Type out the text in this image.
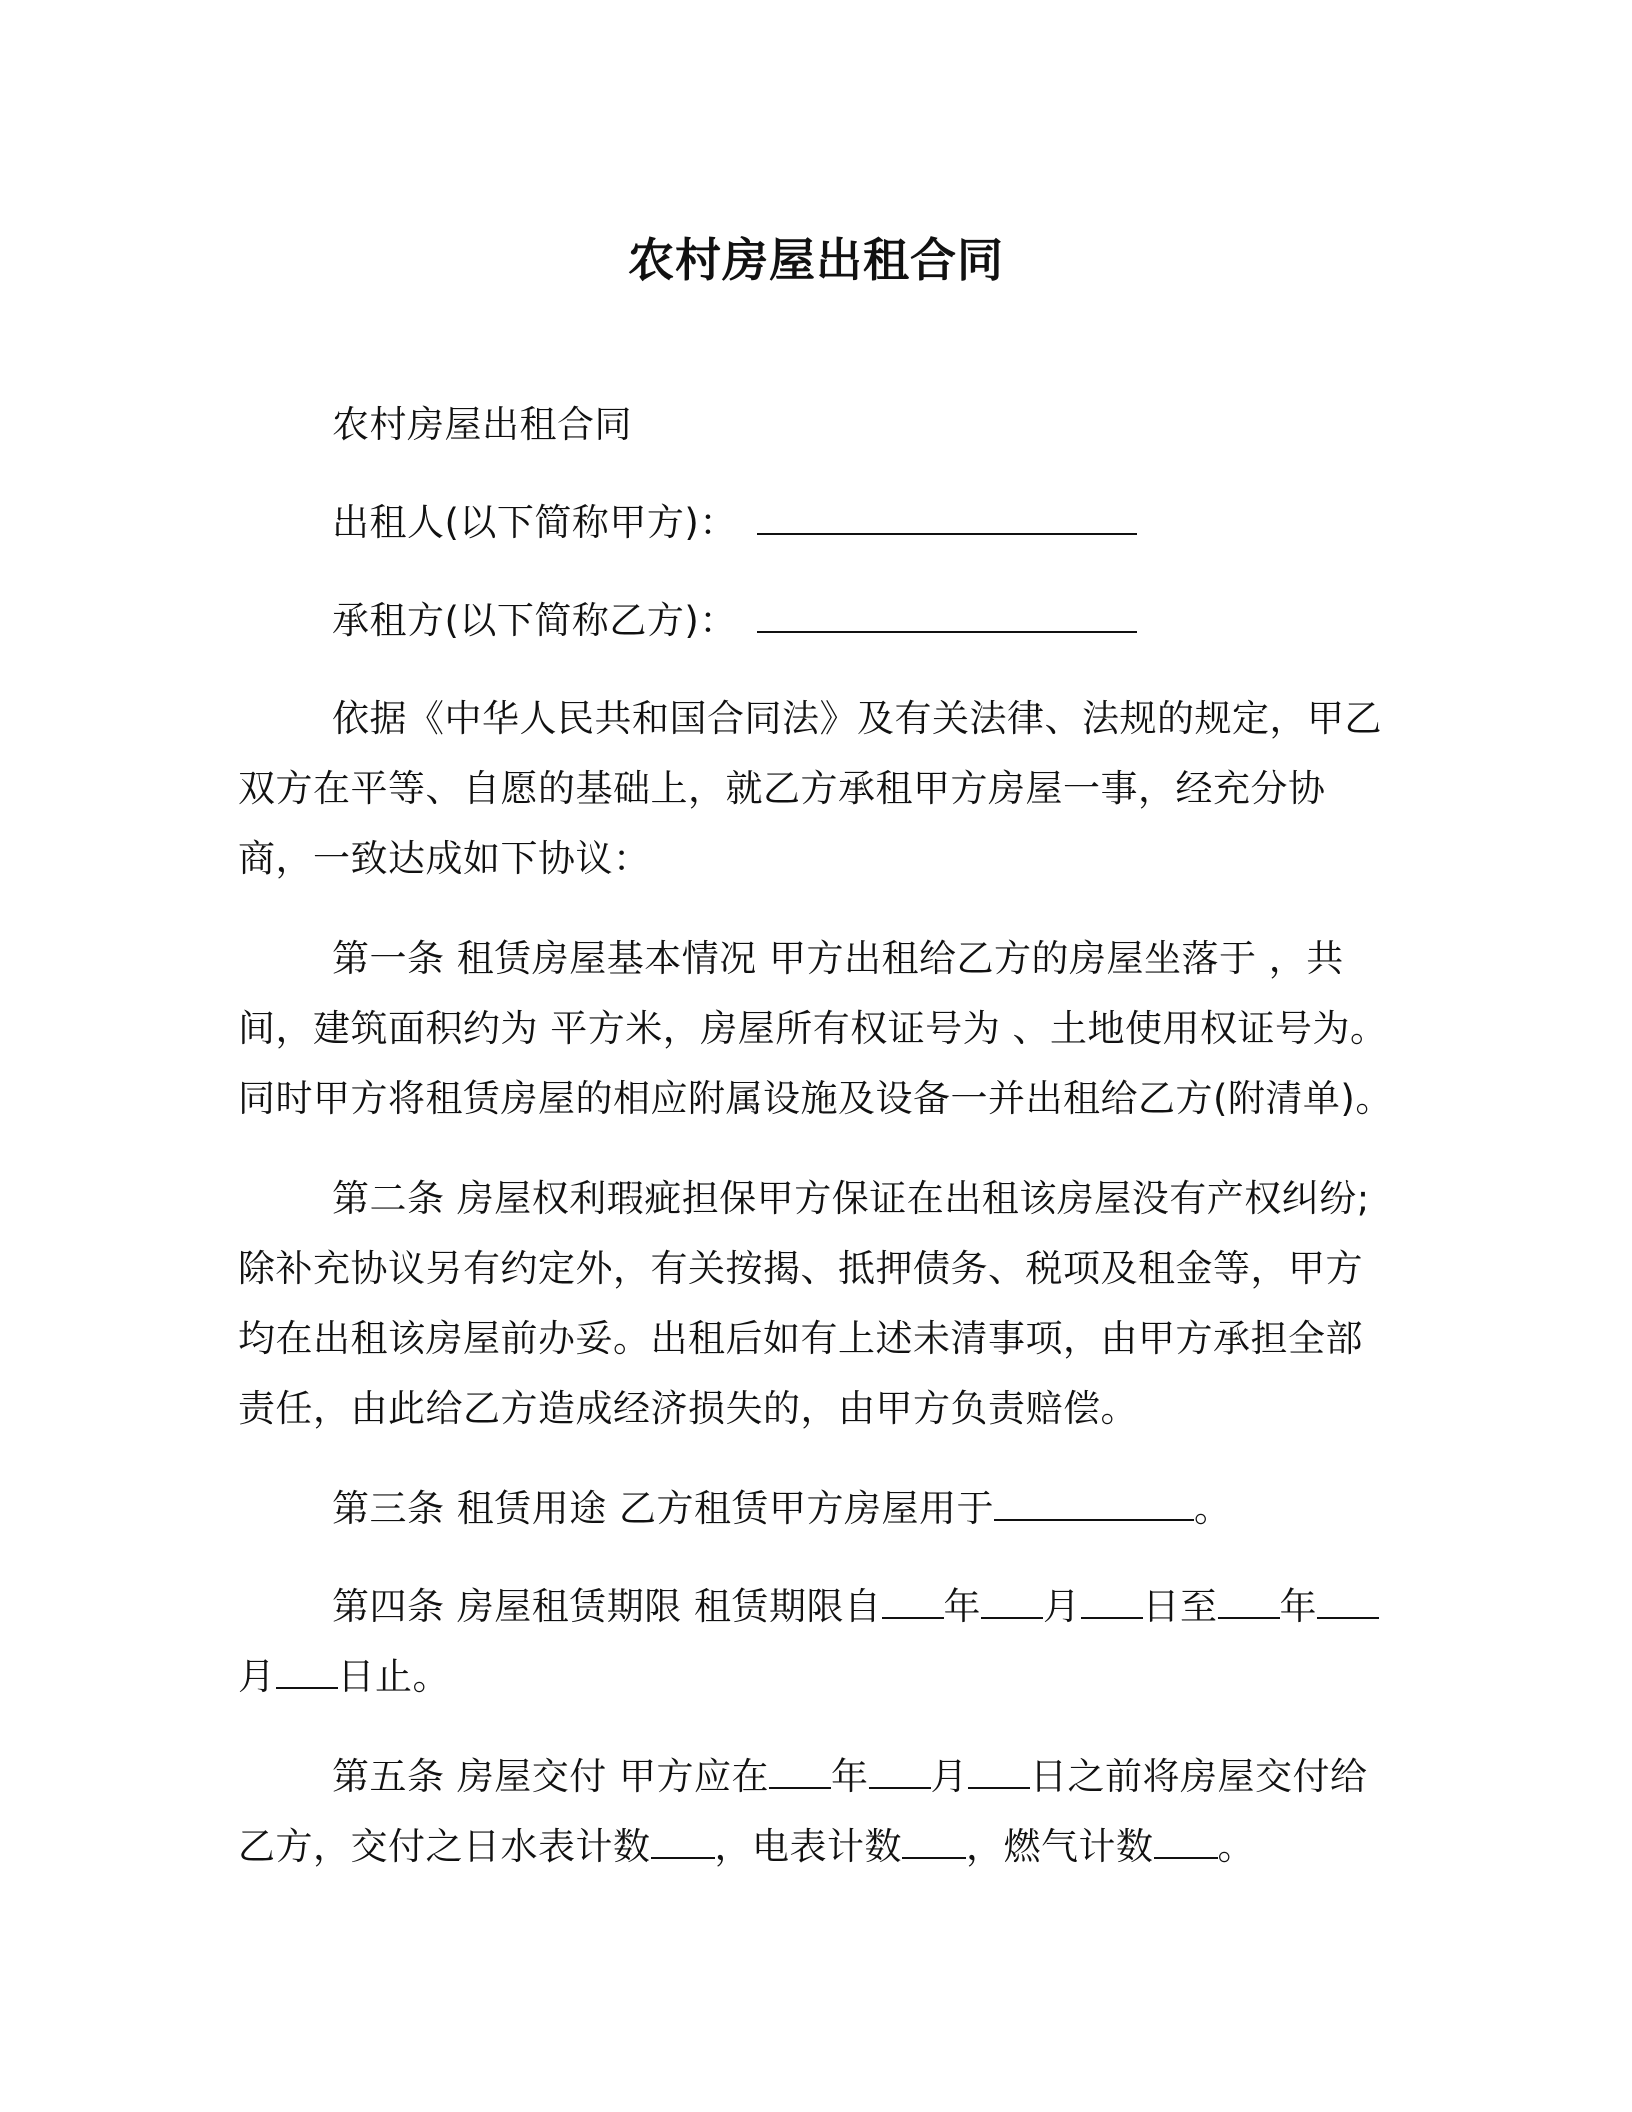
农村房屋出租合同

农村房屋出租合同

出租人(以下简称甲方)：

承租方(以下简称乙方)：

依据《中华人民共和国合同法》及有关法律、法规的规定，甲乙双方在平等、自愿的基础上，就乙方承租甲方房屋一事，经充分协商，一致达成如下协议：

第一条 租赁房屋基本情况 甲方出租给乙方的房屋坐落于 ，共 间，建筑面积约为 平方米，房屋所有权证号为 、土地使用权证号为。同时甲方将租赁房屋的相应附属设施及设备一并出租给乙方(附清单)。

第二条 房屋权利瑕疵担保甲方保证在出租该房屋没有产权纠纷;除补充协议另有约定外，有关按揭、抵押债务、税项及租金等，甲方均在出租该房屋前办妥。出租后如有上述未清事项，由甲方承担全部责任，由此给乙方造成经济损失的，由甲方负责赔偿。

第三条 租赁用途 乙方租赁甲方房屋用于	。

第四条 房屋租赁期限 租赁期限自 年 月 日至 年月 日止。

第五条 房屋交付 甲方应在 年 月 日之前将房屋交付给乙方，交付之日水表计数 ，电表计数 ，燃气计数 。
